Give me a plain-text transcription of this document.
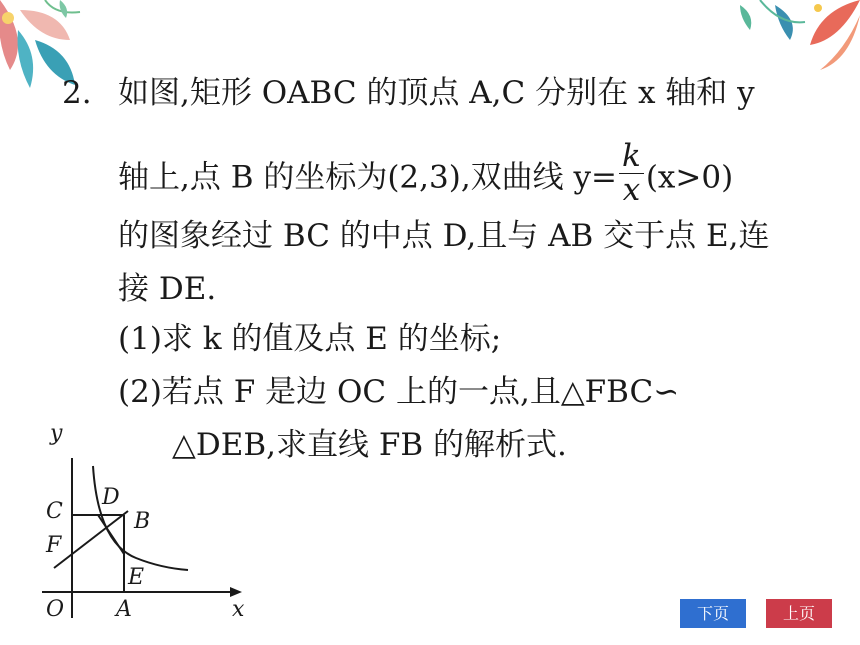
2. 如图,矩形 OABC 的顶点 A,C 分别在 x 轴和 y
轴上,点 B 的坐标为(2,3),双曲线 $y= \frac{k}{x} (x>0)$
的图象经过 BC 的中点 D,且与 AB 交于点 E,连
接 DE.
(1)求 k 的值及点 E 的坐标;
(2)若点 F 是边 OC 上的一点,且△FBC∽
△DEB,求直线 FB 的解析式.
y
x
O A
B
C
D
E
F
下页	上页
